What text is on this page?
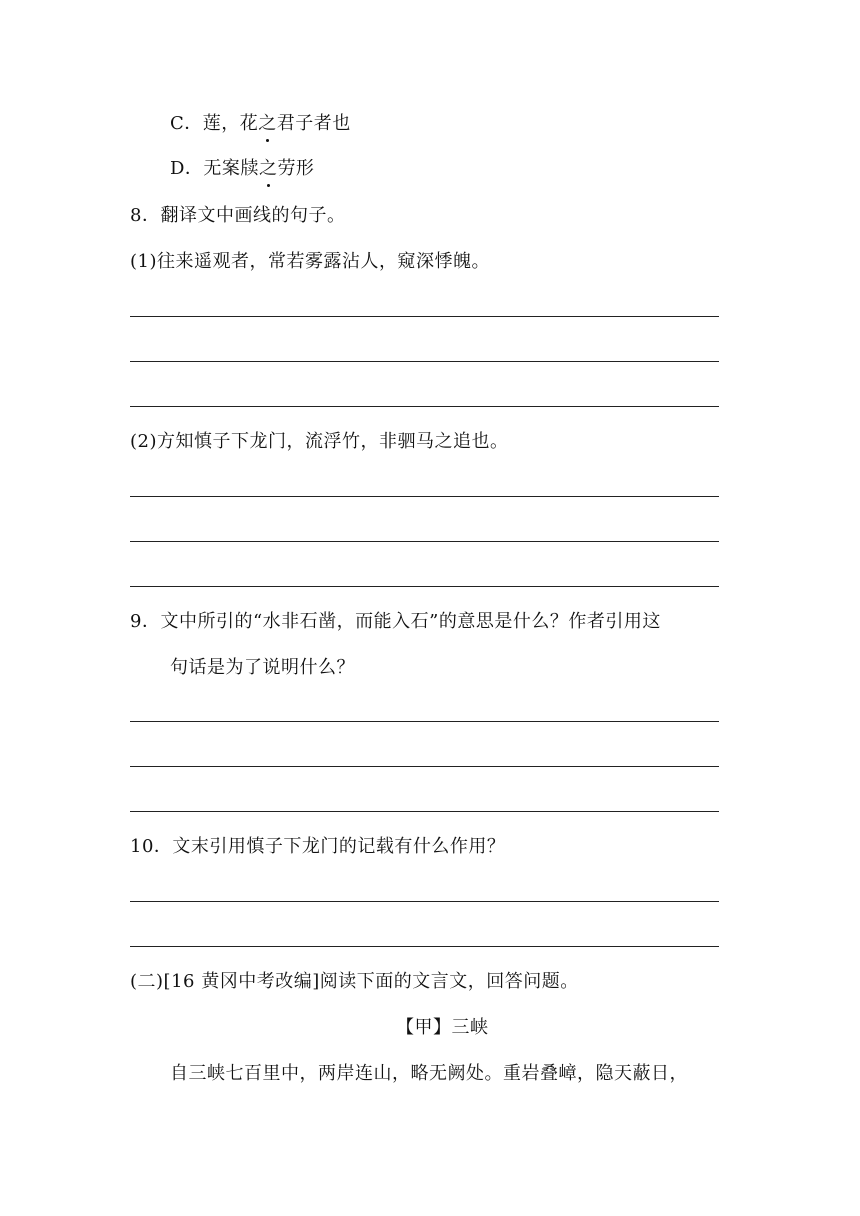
C．莲，花之君子者也
D．无案牍之劳形
8．翻译文中画线的句子。
(1)往来遥观者，常若雾露沾人，窥深悸魄。
(2)方知慎子下龙门，流浮竹，非驷马之追也。
9．文中所引的“水非石凿，而能入石”的意思是什么？作者引用这
句话是为了说明什么？
10．文末引用慎子下龙门的记载有什么作用？
(二)[16 黄冈中考改编]阅读下面的文言文，回答问题。
【甲】三峡
自三峡七百里中，两岸连山，略无阙处。重岩叠嶂，隐天蔽日，
